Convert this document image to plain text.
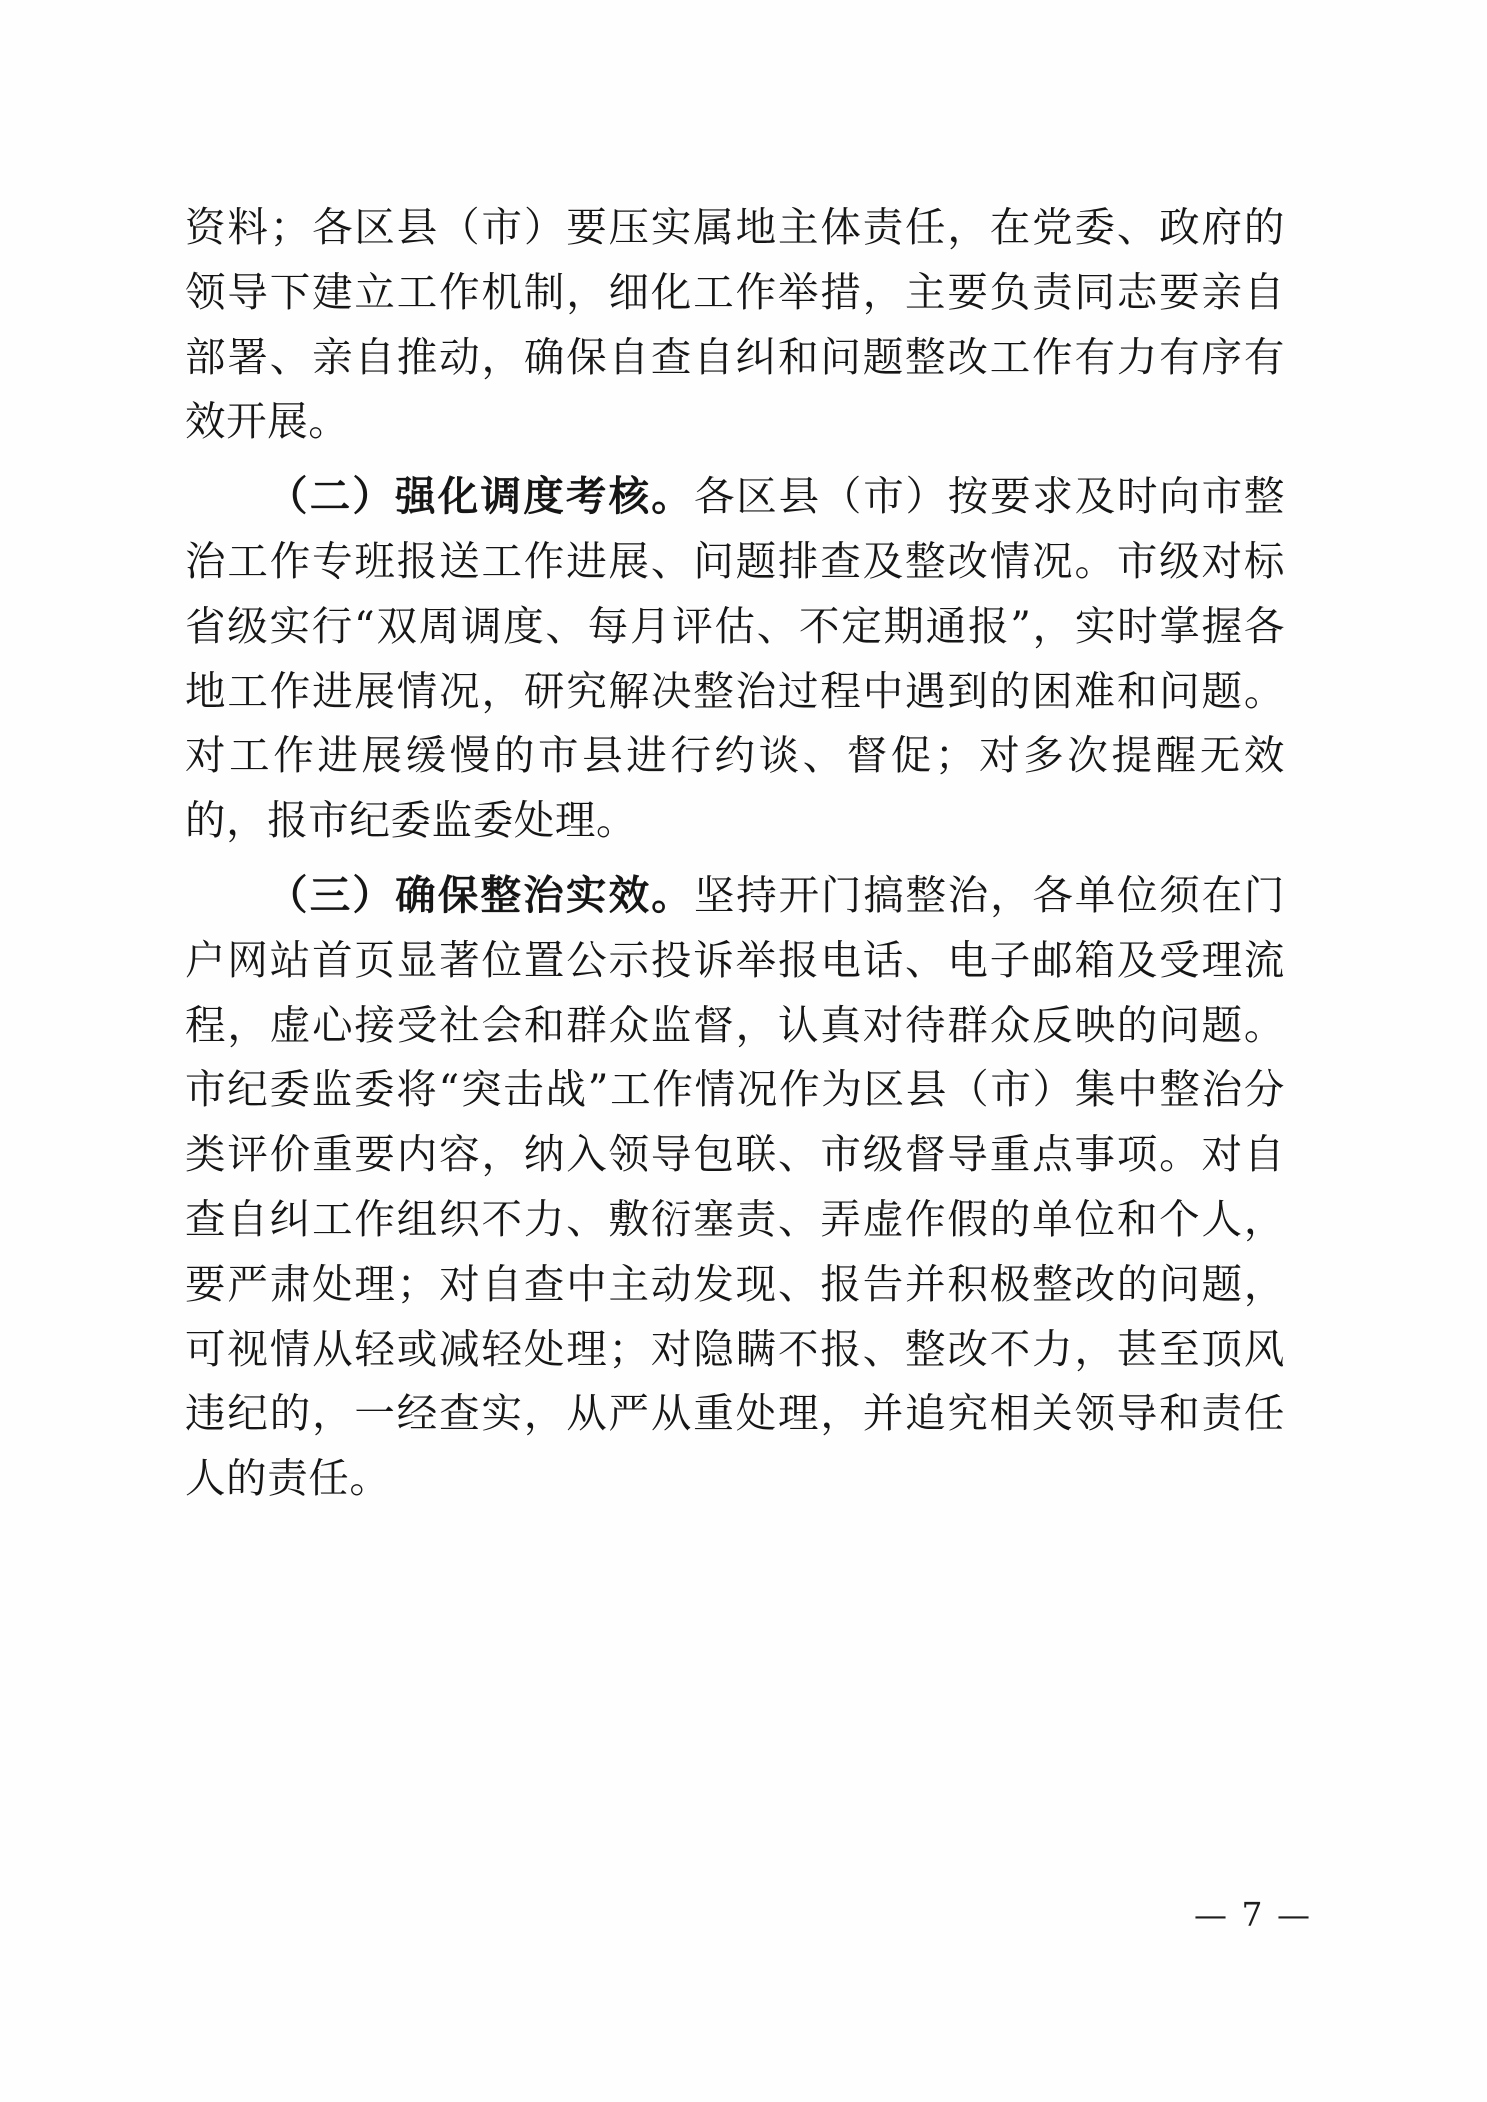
资料；各区县（市）要压实属地主体责任，在党委、政府的领导下建立工作机制，细化工作举措，主要负责同志要亲自部署、亲自推动，确保自查自纠和问题整改工作有力有序有效开展。

（二）强化调度考核。各区县（市）按要求及时向市整治工作专班报送工作进展、问题排查及整改情况。市级对标省级实行“双周调度、每月评估、不定期通报”，实时掌握各地工作进展情况，研究解决整治过程中遇到的困难和问题。对工作进展缓慢的市县进行约谈、督促；对多次提醒无效的，报市纪委监委处理。

（三）确保整治实效。坚持开门搞整治，各单位须在门户网站首页显著位置公示投诉举报电话、电子邮箱及受理流程，虚心接受社会和群众监督，认真对待群众反映的问题。市纪委监委将“突击战”工作情况作为区县（市）集中整治分类评价重要内容，纳入领导包联、市级督导重点事项。对自查自纠工作组织不力、敷衍塞责、弄虚作假的单位和个人，要严肃处理；对自查中主动发现、报告并积极整改的问题，可视情从轻或减轻处理；对隐瞒不报、整改不力，甚至顶风违纪的，一经查实，从严从重处理，并追究相关领导和责任人的责任。

— 7 —
